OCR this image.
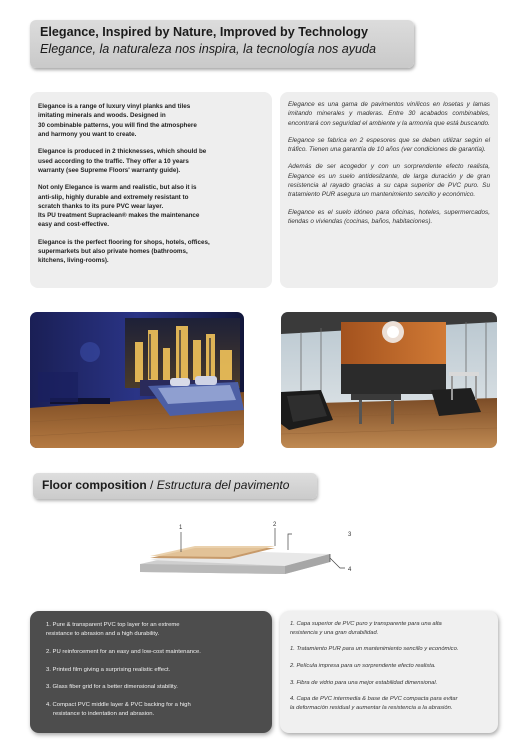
Elegance, Inspired by Nature, Improved by Technology
Elegance, la naturaleza nos inspira, la tecnología nos ayuda

Elegance is a range of luxury vinyl planks and tiles
imitating minerals and woods. Designed in
30 combinable patterns, you will find the atmosphere
and harmony you want to create.

Elegance is produced in 2 thicknesses, which should be
used according to the traffic. They offer a 10 years
warranty (see Supreme Floors' warranty guide).

Not only Elegance is warm and realistic, but also it is
anti-slip, highly durable and extremely resistant to
scratch thanks to its pure PVC wear layer.
Its PU treatment Supraclean® makes the maintenance
easy and cost-effective.

Elegance is the perfect flooring for shops, hotels, offices,
supermarkets but also private homes (bathrooms,
kitchens, living-rooms).

Elegance es una gama de pavimentos vinílicos en losetas y lamas imitando minerales y maderas. Entre 30 acabados combinables, encontrará con seguridad el ambiente y la armonía que está buscando.

Elegance se fabrica en 2 espesores que se deben utilizar según el tráfico. Tienen una garantía de 10 años (ver condiciones de garantía).

Además de ser acogedor y con un sorprendente efecto realista, Elegance es un suelo antideslizante, de larga duración y de gran resistencia al rayado gracias a su capa superior de PVC puro. Su tratamiento PUR asegura un mantenimiento sencillo y económico.

Elegance es el suelo idóneo para oficinas, hoteles, supermercados, tiendas o viviendas (cocinas, baños, habitaciones).

Floor composition / Estructura del pavimento
1	2
3
4
1. Pure & transparent PVC top layer for an extreme
resistance to abrasion and a high durability.
2. PU reinforcement for an easy and low-cost maintenance.
3. Printed film giving a surprising realistic effect.
3. Glass fiber grid for a better dimensional stability.
4. Compact PVC middle layer & PVC backing for a high
resistance to indentation and abrasion.
1. Capa superior de PVC puro y transparente para una alta
resistencia y una gran durabilidad.
1. Tratamiento PUR para un mantenimiento sencillo y económico.
2. Película impresa para un sorprendente efecto realista.
3. Fibra de vidrio para una mejor estabilidad dimensional.
4. Capa de PVC intermedia & base de PVC compacta para evitar
la deformación residual y aumentar la resistencia a la abrasión.
